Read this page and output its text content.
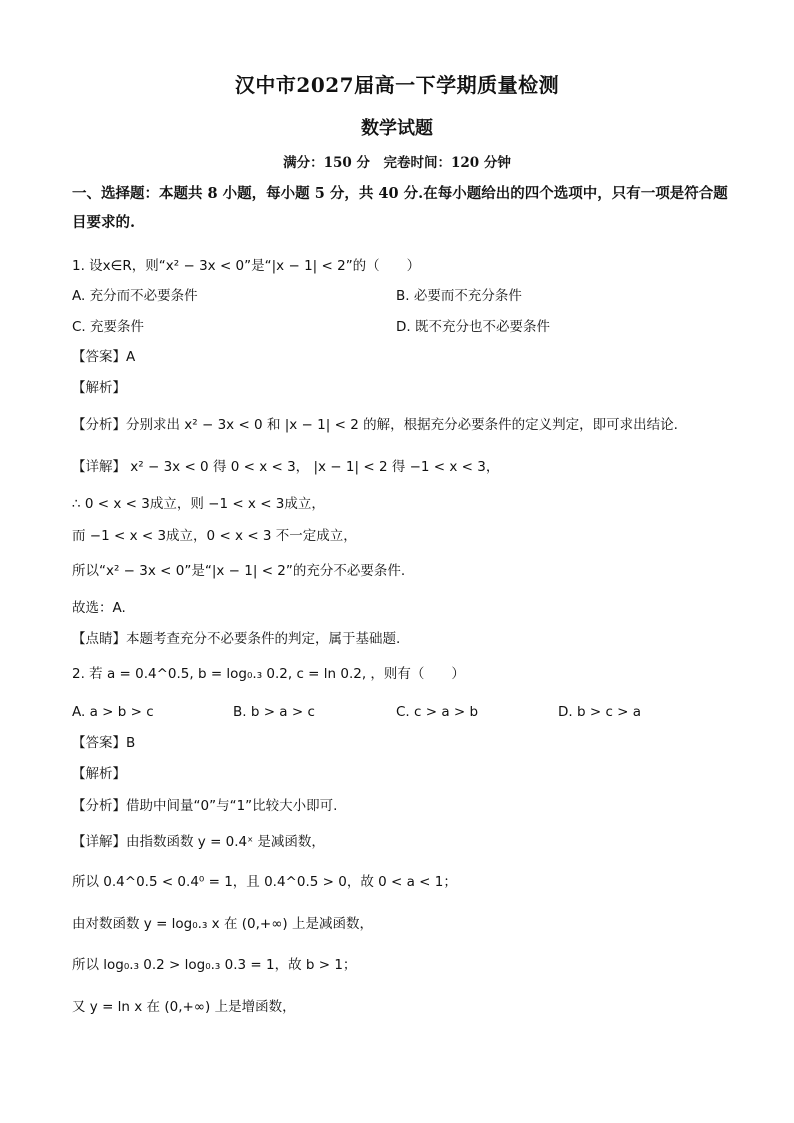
汉中市2027届高一下学期质量检测
数学试题
满分：150 分　完卷时间：120 分钟
一、选择题：本题共 8 小题，每小题 5 分，共 40 分.在每小题给出的四个选项中，只有一项是符合题目要求的.
1. 设x∈R，则“x² − 3x < 0”是“|x − 1| < 2”的（　　）
A. 充分而不必要条件	B. 必要而不充分条件
C. 充要条件	D. 既不充分也不必要条件
【答案】A
【解析】
【分析】分别求出 x² − 3x < 0 和 |x − 1| < 2 的解，根据充分必要条件的定义判定，即可求出结论.
【详解】 x² − 3x < 0 得 0 < x < 3， |x − 1| < 2 得 −1 < x < 3，
∴ 0 < x < 3成立，则 −1 < x < 3成立，
而 −1 < x < 3成立，0 < x < 3 不一定成立，
所以“x² − 3x < 0”是“|x − 1| < 2”的充分不必要条件.
故选：A.
【点睛】本题考查充分不必要条件的判定，属于基础题.
2. 若 a = 0.4^0.5, b = log₀.₃ 0.2, c = ln 0.2, ，则有（　　）
A. a > b > c	B. b > a > c	C. c > a > b	D. b > c > a
【答案】B
【解析】
【分析】借助中间量“0”与“1”比较大小即可.
【详解】由指数函数 y = 0.4ˣ 是减函数，
所以 0.4^0.5 < 0.4⁰ = 1，且 0.4^0.5 > 0，故 0 < a < 1；
由对数函数 y = log₀.₃ x 在 (0,+∞) 上是减函数，
所以 log₀.₃ 0.2 > log₀.₃ 0.3 = 1，故 b > 1；
又 y = ln x 在 (0,+∞) 上是增函数，
